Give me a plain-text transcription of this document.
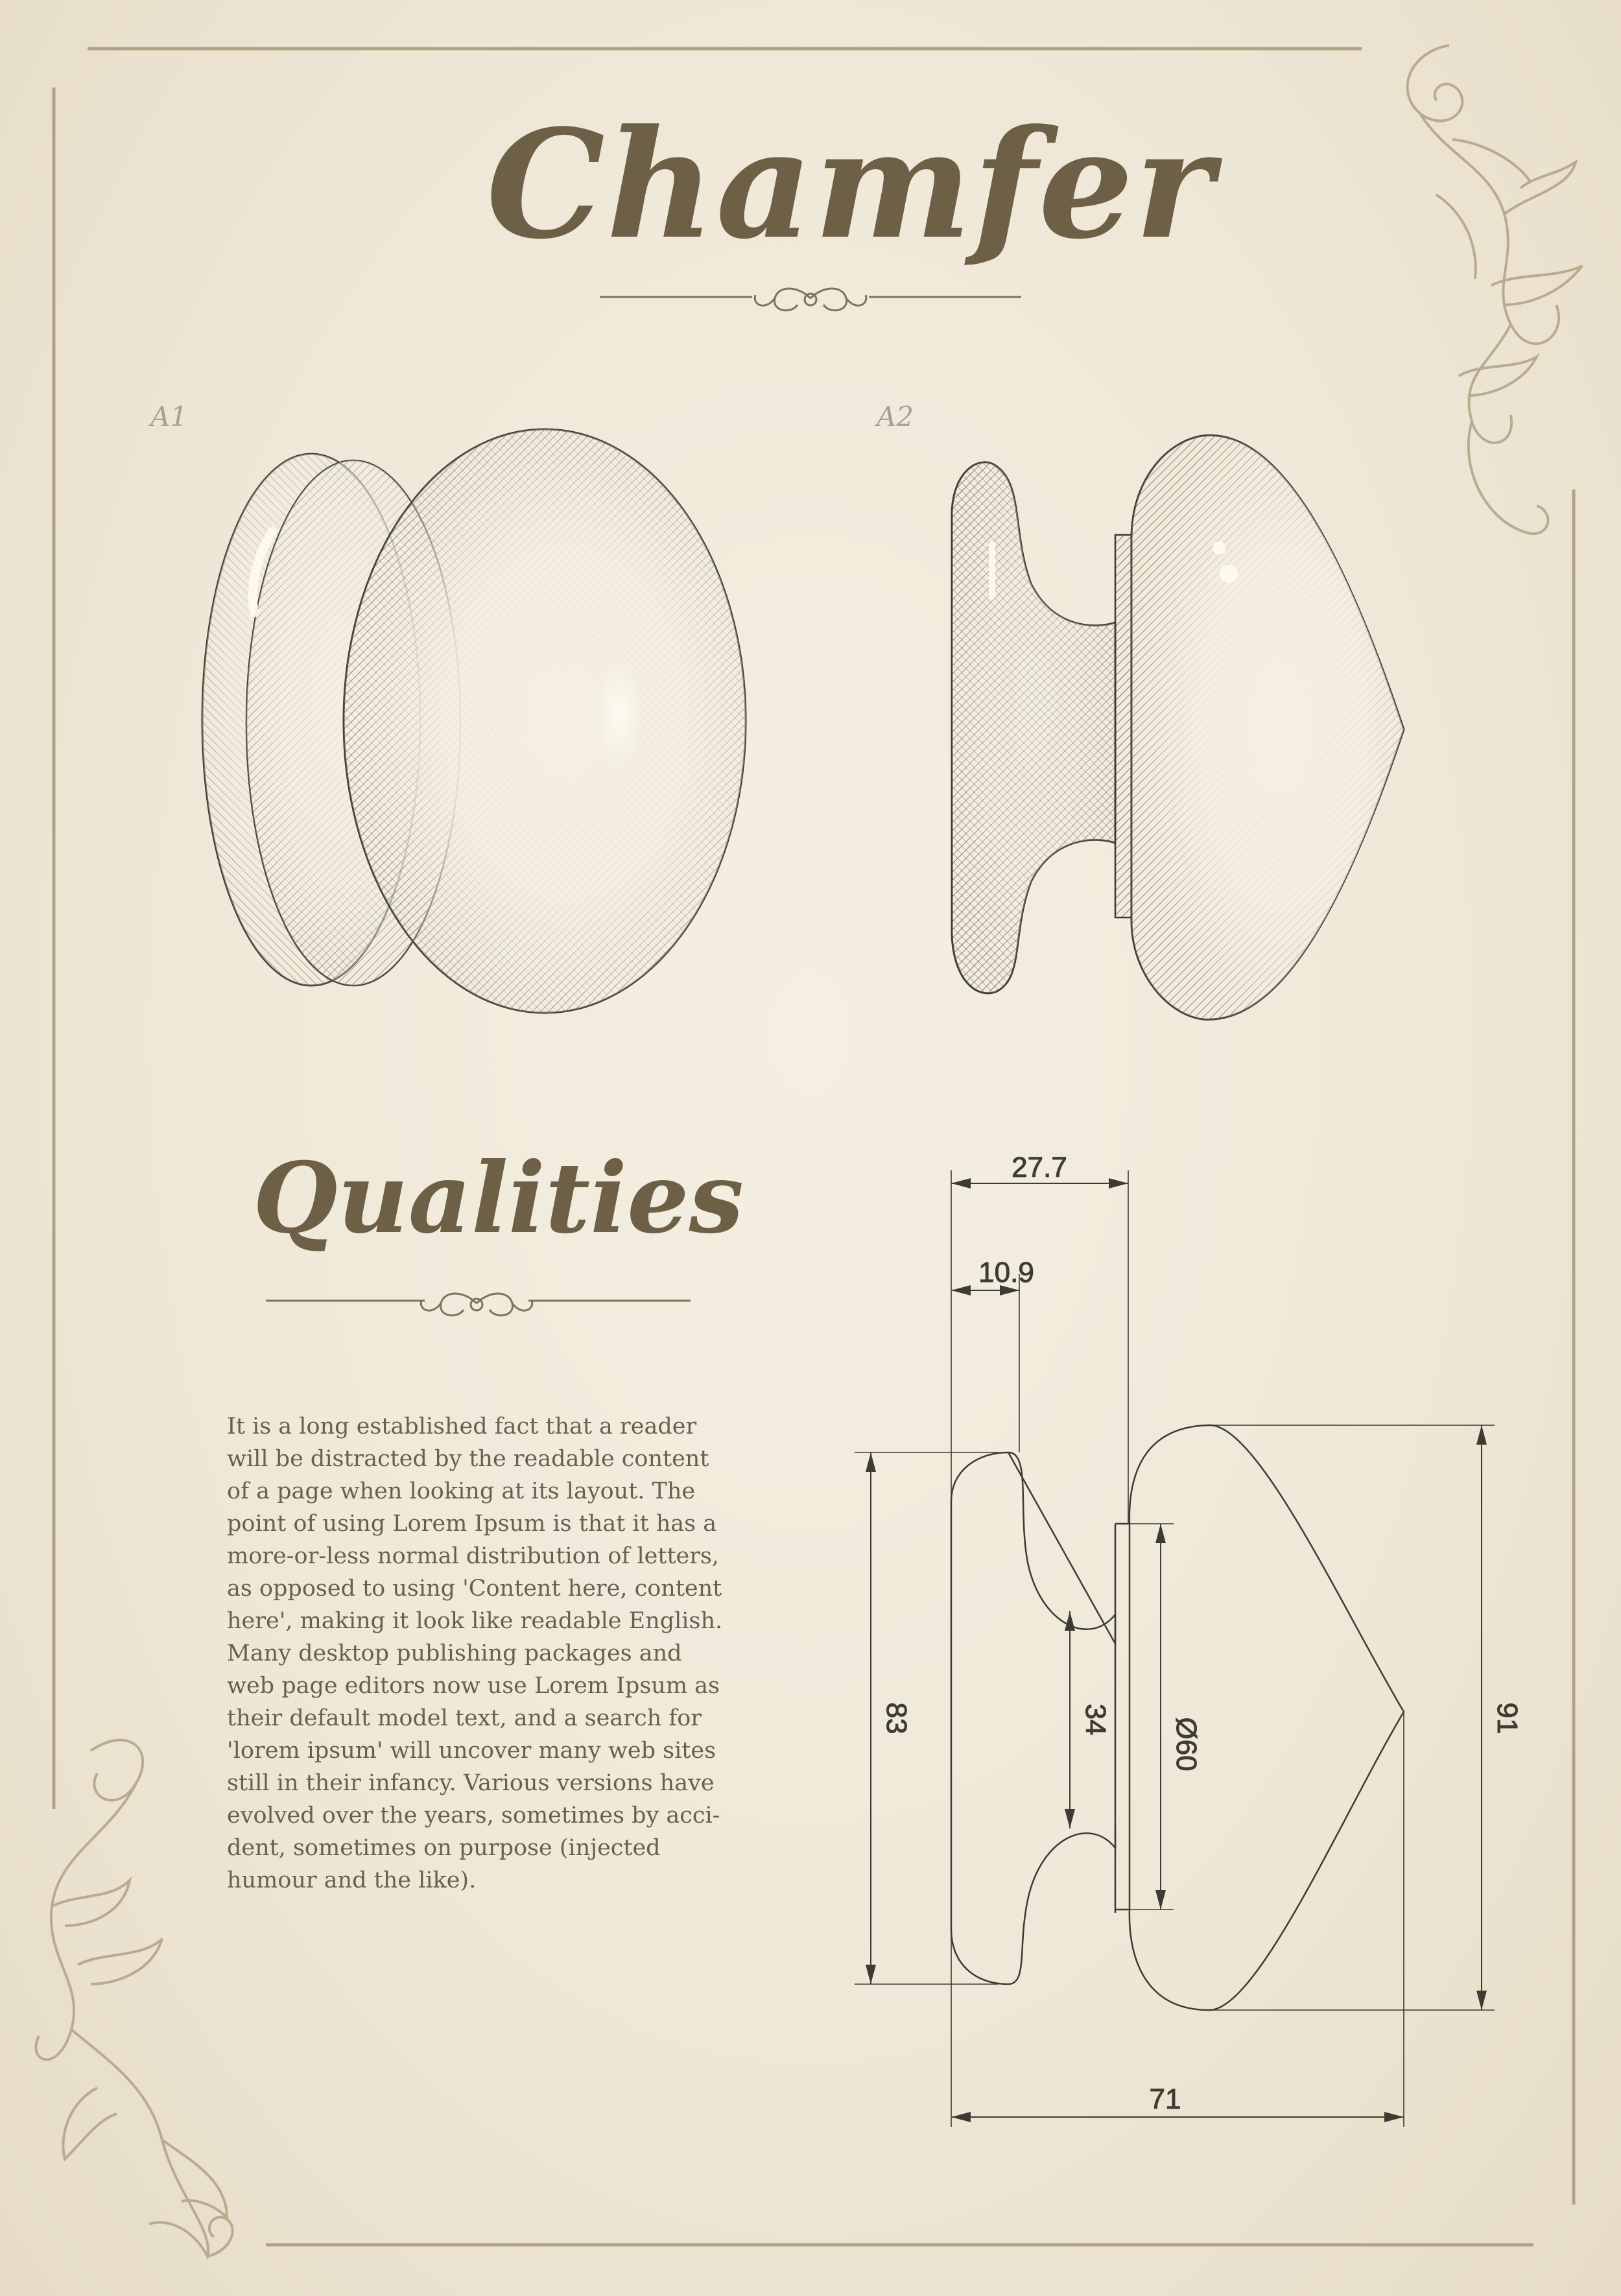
27.7
10.9
83	34 Ø60	91
71
Chamfer
A1	A2
Qualities
It is a long established fact that a reader
will be distracted by the readable content
of a page when looking at its layout. The
point of using Lorem Ipsum is that it has a
more-or-less normal distribution of letters,
as opposed to using 'Content here, content
here', making it look like readable English.
Many desktop publishing packages and
web page editors now use Lorem Ipsum as
their default model text, and a search for
'lorem ipsum' will uncover many web sites
still in their infancy. Various versions have
evolved over the years, sometimes by acci-
dent, sometimes on purpose (injected
humour and the like).
